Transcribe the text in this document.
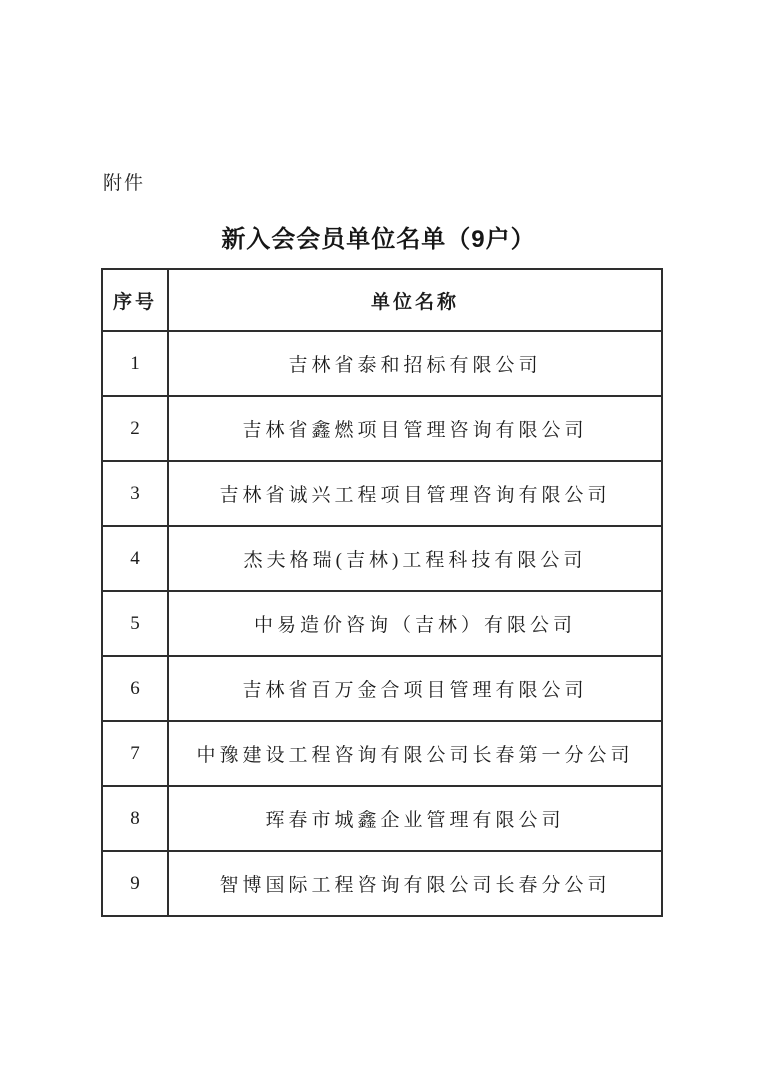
附件
新入会会员单位名单（9户）
序号	单位名称
1	吉林省泰和招标有限公司
2	吉林省鑫燃项目管理咨询有限公司
3	吉林省诚兴工程项目管理咨询有限公司
4	杰夫格瑞(吉林)工程科技有限公司
5	中易造价咨询（吉林）有限公司
6	吉林省百万金合项目管理有限公司
7	中豫建设工程咨询有限公司长春第一分公司
8	珲春市城鑫企业管理有限公司
9	智博国际工程咨询有限公司长春分公司
